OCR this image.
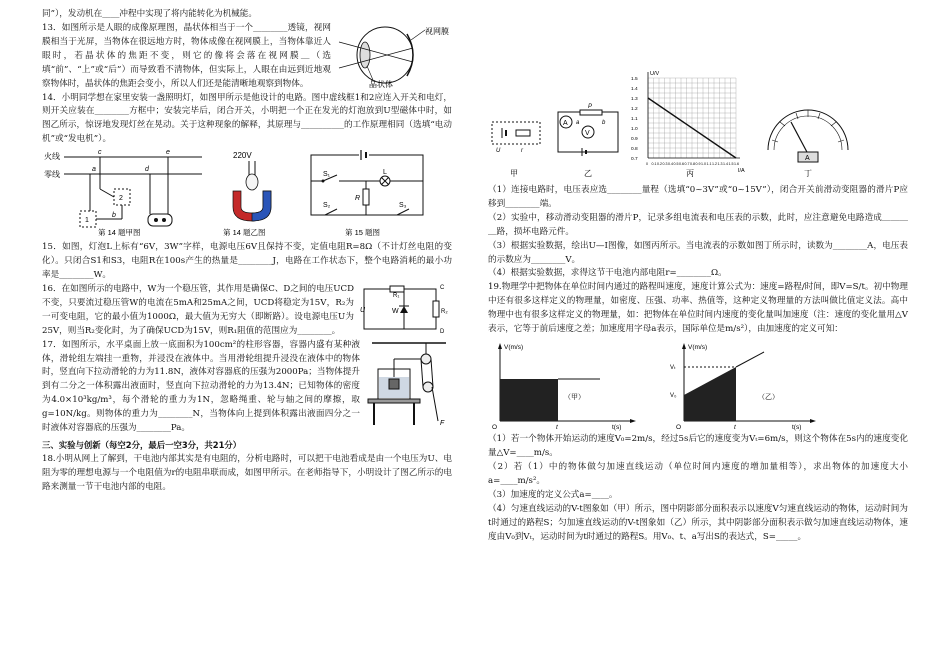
同”），发动机在____冲程中实现了将内能转化为机械能。

视网膜
晶状体

13．如图所示是人眼的成像原理图，晶状体相当于一个________透镜，视网膜相当于光屏，当物体在很远地方时，物体成像在视网膜上，当物体靠近人眼时，若晶状体的焦距不变，则它的像将会落在视网膜＿（选填“前”、“上”或“后”）而导致看不清物体，但实际上，人眼在由远到近地观察物体时，晶状体的焦距会变小，所以人们还是能清晰地观察到物体。

14．小明同学想在家里安装一盏照明灯，如图甲所示是他设计的电路。图中虚线框1和2应连入开关和电灯，则开关应装在________方框中；安装完毕后，闭合开关，小明把一个正在发光的灯泡放到U型磁体中时，如图乙所示，惊讶地发现灯丝在晃动。关于这种现象的解释，其原理与__________的工作原理相同（选填“电动机”或“发电机”）。

火线
零线
c	e
a	d
2
1
b
第 14 题甲图
220V
第 14 题乙图
S₁	L
R
S₂	S₃
第 15 题图

15．如图，灯泡L上标有“6V，3W”字样，电源电压6V且保持不变，定值电阻R=8Ω（不计灯丝电阻的变化）。只闭合S1和S3，电阻R在100s产生的热量是________J，电路在工作状态下，整个电路消耗的最小功率是________W。

R₁
U	W
C
D
R₂

16．在如图所示的电路中，W为一个稳压管，其作用是确保C、D之间的电压UCD不变，只要流过稳压管W的电流在5mA和25mA之间，UCD将稳定为15V，R₂为一可变电阻，它的最小值为1000Ω，最大值为无穷大（即断路）。设电源电压U为25V，则当R₂变化时，为了确保UCD为15V，则R₁阻值的范围应为________。

F

17．如图所示，水平桌面上放一底面积为100cm²的柱形容器，容器内盛有某种液体，滑轮组左端挂一重物，并浸没在液体中。当用滑轮组提升浸没在液体中的物体时，竖直向下拉动滑轮的力为11.8N，液体对容器底的压强为2000Pa；当物体提升到有二分之一体积露出液面时，竖直向下拉动滑轮的力为13.4N；已知物体的密度为4.0×10³kg/m³，每个滑轮的重力为1N，忽略绳重、轮与轴之间的摩擦，取g=10N/kg。则物体的重力为________N，当物体向上提到体积露出液面四分之一时液体对容器底的压强为________Pa。

三、实验与创新（每空2分，最后一空3分，共21分）

18.小明从网上了解到，干电池内部其实是有电阻的，分析电路时，可以把干电池看成是由一个电压为U、电阻为零的理想电源与一个电阻值为r的电阻串联而成，如图甲所示。在老师指导下，小明设计了图乙所示的电路来测量一节干电池内部的电阻。

U	r
甲
A
P
a	b
V
乙
U/V
I/A
1.5
1.4
1.3
1.2
1.1
1.0
0.9
0.8
0.7
0 0.1 0.2 0.3 0.4 0.5 0.6 0.7 0.8 0.9 1.0 1.1 1.2 1.3 1.4 1.5 1.6
丙
A
丁

（1）连接电路时，电压表应选________量程（选填“0~3V”或“0~15V”），闭合开关前滑动变阻器的滑片P应移到________端。

（2）实验中，移动滑动变阻器的滑片P，记录多组电流表和电压表的示数，此时，应注意避免电路造成＿＿＿＿路，损坏电路元件。

（3）根据实验数据，绘出U—I图像，如图丙所示。当电流表的示数如图丁所示时，读数为________A，电压表的示数应为________V。

（4）根据实验数据，求得这节干电池内部电阻r=________Ω。

19.物理学中把物体在单位时间内通过的路程叫速度，速度计算公式为：速度=路程/时间，即V=S/t。初中物理中还有很多这样定义的物理量，如密度、压强、功率、热值等，这种定义物理量的方法叫做比值定义法。高中物理中也有很多这样定义的物理量，如：把物体在单位时间内速度的变化量叫加速度（注：速度的变化量用△V表示，它等于前后速度之差；加速度用字母a表示，国际单位是m/s²），由加速度的定义可知：

V(m/s)
t(s)
O	t
（甲）
V(m/s)
t(s)
O
Vₜ
V₀
t
（乙）

（1）若一个物体开始运动的速度V₀=2m/s，经过5s后它的速度变为Vₜ=6m/s，则这个物体在5s内的速度变化量△V=____m/s。

（2）若（1）中的物体做匀加速直线运动（单位时间内速度的增加量相等），求出物体的加速度大小a=____m/s²。

（3）加速度的定义公式a=____。

（4）匀速直线运动的V-t图象如（甲）所示，图中阴影部分面积表示以速度V匀速直线运动的物体，运动时间为t时通过的路程S；匀加速直线运动的V-t图象如（乙）所示，其中阴影部分面积表示做匀加速直线运动物体，速度由V₀到Vₜ，运动时间为t时通过的路程S。用V₀、t、a写出S的表达式，S=_____。
